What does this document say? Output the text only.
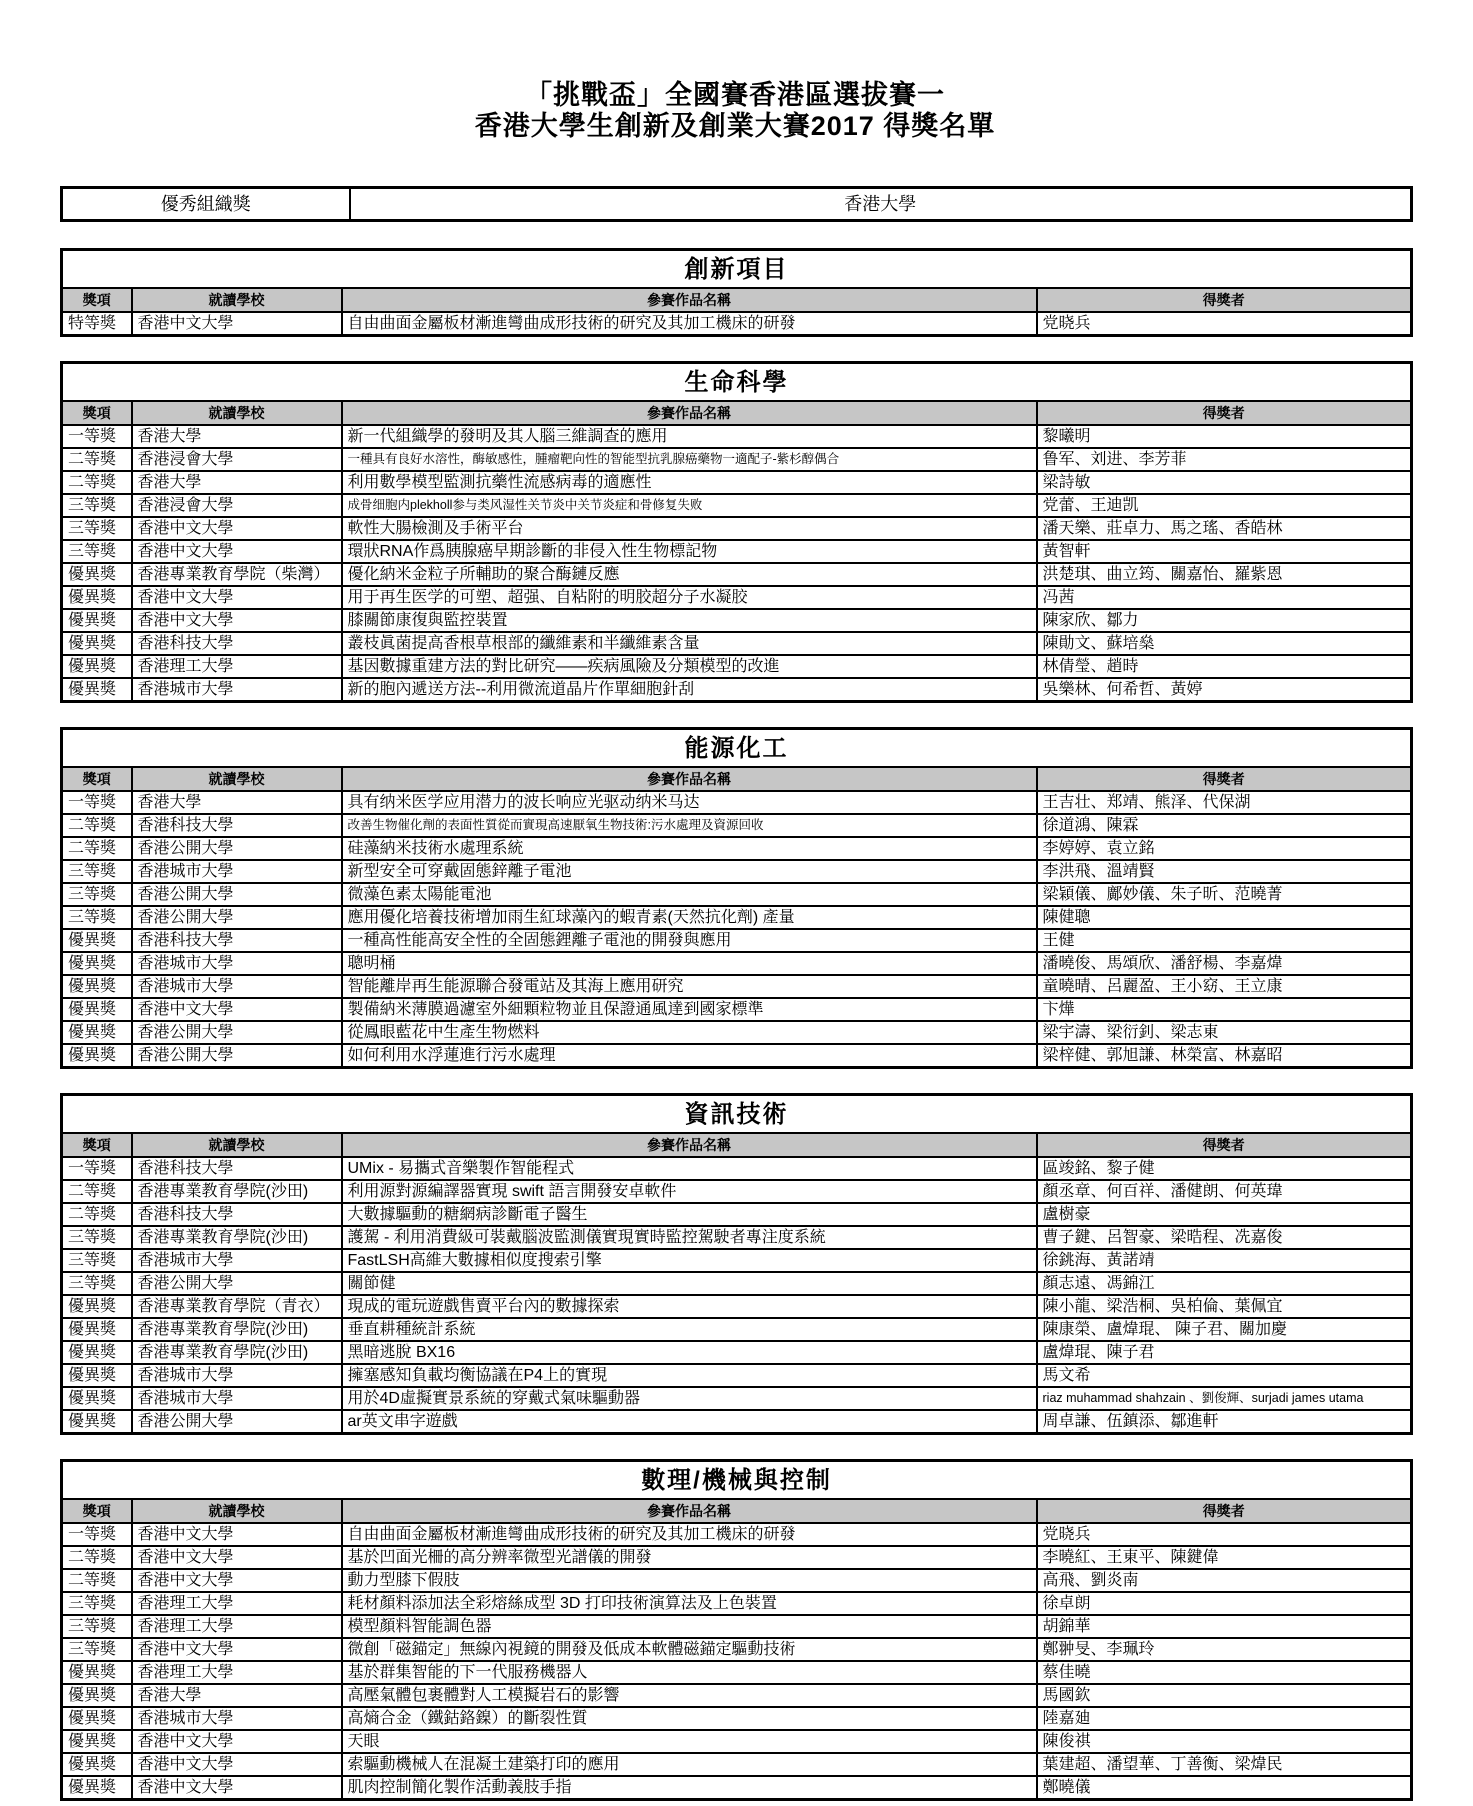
「挑戰盃」全國賽香港區選拔賽一
香港大學生創新及創業大賽2017 得獎名單
優秀組織獎	香港大學
創新項目			
獎項	就讀學校	參賽作品名稱	得獎者
特等獎	香港中文大學	自由曲面金屬板材漸進彎曲成形技術的研究及其加工機床的研發	党晓兵
生命科學			
獎項	就讀學校	參賽作品名稱	得獎者
一等獎	香港大學	新一代組織學的發明及其人腦三維調查的應用	黎曦明
二等獎	香港浸會大學	一種具有良好水溶性，酶敏感性，腫瘤靶向性的智能型抗乳腺癌藥物一適配子-紫杉醇偶合	鲁军、刘进、李芳菲
二等獎	香港大學	利用數學模型監測抗藥性流感病毒的適應性	梁詩敏
三等獎	香港浸會大學	成骨细胞内plekholl参与类风湿性关节炎中关节炎症和骨修复失败	党蕾、王迪凯
三等獎	香港中文大學	軟性大腸檢測及手術平台	潘天樂、莊卓力、馬之瑤、香皓林
三等獎	香港中文大學	環狀RNA作爲胰腺癌早期診斷的非侵入性生物標記物	黃智軒
優異獎	香港專業教育學院（柴灣）	優化納米金粒子所輔助的聚合酶鏈反應	洪楚琪、曲立筠、關嘉怡、羅紫恩
優異獎	香港中文大學	用于再生医学的可塑、超强、自粘附的明胶超分子水凝胶	冯茜
優異獎	香港中文大學	膝關節康復與監控裝置	陳家欣、鄒力
優異獎	香港科技大學	叢枝眞菌提高香根草根部的纖維素和半纖維素含量	陳勛文、蘇培燊
優異獎	香港理工大學	基因數據重建方法的對比研究——疾病風險及分類模型的改進	林倩瑩、趙時
優異獎	香港城市大學	新的胞內遞送方法--利用微流道晶片作單細胞針刮	吳樂林、何希哲、黃婷
能源化工			
獎項	就讀學校	參賽作品名稱	得獎者
一等獎	香港大學	具有纳米医学应用潜力的波长响应光驱动纳米马达	王吉壮、郑靖、熊泽、代保湖
二等獎	香港科技大學	改善生物催化劑的表面性質從而實現高速厭氧生物技術:污水處理及資源回收	徐道鴻、陳霖
二等獎	香港公開大學	硅藻納米技術水處理系統	李婷婷、袁立銘
三等獎	香港城市大學	新型安全可穿戴固態鋅離子電池	李洪飛、溫靖賢
三等獎	香港公開大學	微藻色素太陽能電池	梁穎儀、鄺妙儀、朱子昕、范曉菁
三等獎	香港公開大學	應用優化培養技術增加雨生紅球藻內的蝦青素(天然抗化劑) 產量	陳健聰
優異獎	香港科技大學	一種高性能高安全性的全固態鋰離子電池的開發與應用	王健
優異獎	香港城市大學	聰明桶	潘曉俊、馬頌欣、潘舒楊、李嘉煒
優異獎	香港城市大學	智能離岸再生能源聯合發電站及其海上應用研究	童曉晴、呂麗盈、王小窈、王立康
優異獎	香港中文大學	製備納米薄膜過濾室外細顆粒物並且保證通風達到國家標準	卞燁
優異獎	香港公開大學	從鳳眼藍花中生產生物燃料	梁宇濤、梁衍釗、梁志東
優異獎	香港公開大學	如何利用水浮蓮進行污水處理	梁梓健、郭旭謙、林榮富、林嘉昭
資訊技術			
獎項	就讀學校	參賽作品名稱	得獎者
一等獎	香港科技大學	UMix - 易攜式音樂製作智能程式	區竣銘、黎子健
二等獎	香港專業教育學院(沙田)	利用源對源編譯器實現 swift 語言開發安卓軟件	顏丞章、何百祥、潘健朗、何英瑋
二等獎	香港科技大學	大數據驅動的糖網病診斷電子醫生	盧樹豪
三等獎	香港專業教育學院(沙田)	護駕 - 利用消費級可裝戴腦波監測儀實現實時監控駕駛者專注度系統	曹子鍵、呂智豪、梁晧程、冼嘉俊
三等獎	香港城市大學	FastLSH高維大數據相似度搜索引擎	徐銚海、黃諾靖
三等獎	香港公開大學	關節健	顏志遠、馮錦江
優異獎	香港專業教育學院（青衣）	現成的電玩遊戲售賣平台內的數據探索	陳小龍、梁浩桐、吳柏倫、葉佩宜
優異獎	香港專業教育學院(沙田)	垂直耕種統計系統	陳康榮、盧煒琨、 陳子君、關加慶
優異獎	香港專業教育學院(沙田)	黑暗逃脫 BX16	盧煒琨、陳子君
優異獎	香港城市大學	擁塞感知負載均衡協議在P4上的實現	馬文希
優異獎	香港城市大學	用於4D虛擬實景系統的穿戴式氣味驅動器	riaz muhammad shahzain 、劉俊輝、surjadi james utama
優異獎	香港公開大學	ar英文串字遊戲	周卓謙、伍鎮添、鄒進軒
數理/機械與控制			
獎項	就讀學校	參賽作品名稱	得獎者
一等獎	香港中文大學	自由曲面金屬板材漸進彎曲成形技術的研究及其加工機床的研發	党晓兵
二等獎	香港中文大學	基於凹面光柵的高分辨率微型光譜儀的開發	李曉紅、王東平、陳鍵偉
二等獎	香港中文大學	動力型膝下假肢	高飛、劉炎南
三等獎	香港理工大學	耗材顏料添加法全彩熔絲成型 3D 打印技術演算法及上色裝置	徐卓朗
三等獎	香港理工大學	模型顏料智能調色器	胡錦華
三等獎	香港中文大學	微創「磁錨定」無線內視鏡的開發及低成本軟體磁錨定驅動技術	鄭翀旻、李珮玲
優異獎	香港理工大學	基於群集智能的下一代服務機器人	蔡佳曉
優異獎	香港大學	高壓氣體包裹體對人工模擬岩石的影響	馬國欽
優異獎	香港城市大學	高熵合金（鐵鈷鉻鎳）的斷裂性質	陸嘉廸
優異獎	香港中文大學	天眼	陳俊祺
優異獎	香港中文大學	索驅動機械人在混凝土建築打印的應用	葉建超、潘望華、丁善衡、梁煒民
優異獎	香港中文大學	肌肉控制簡化製作活動義肢手指	鄭曉儀
